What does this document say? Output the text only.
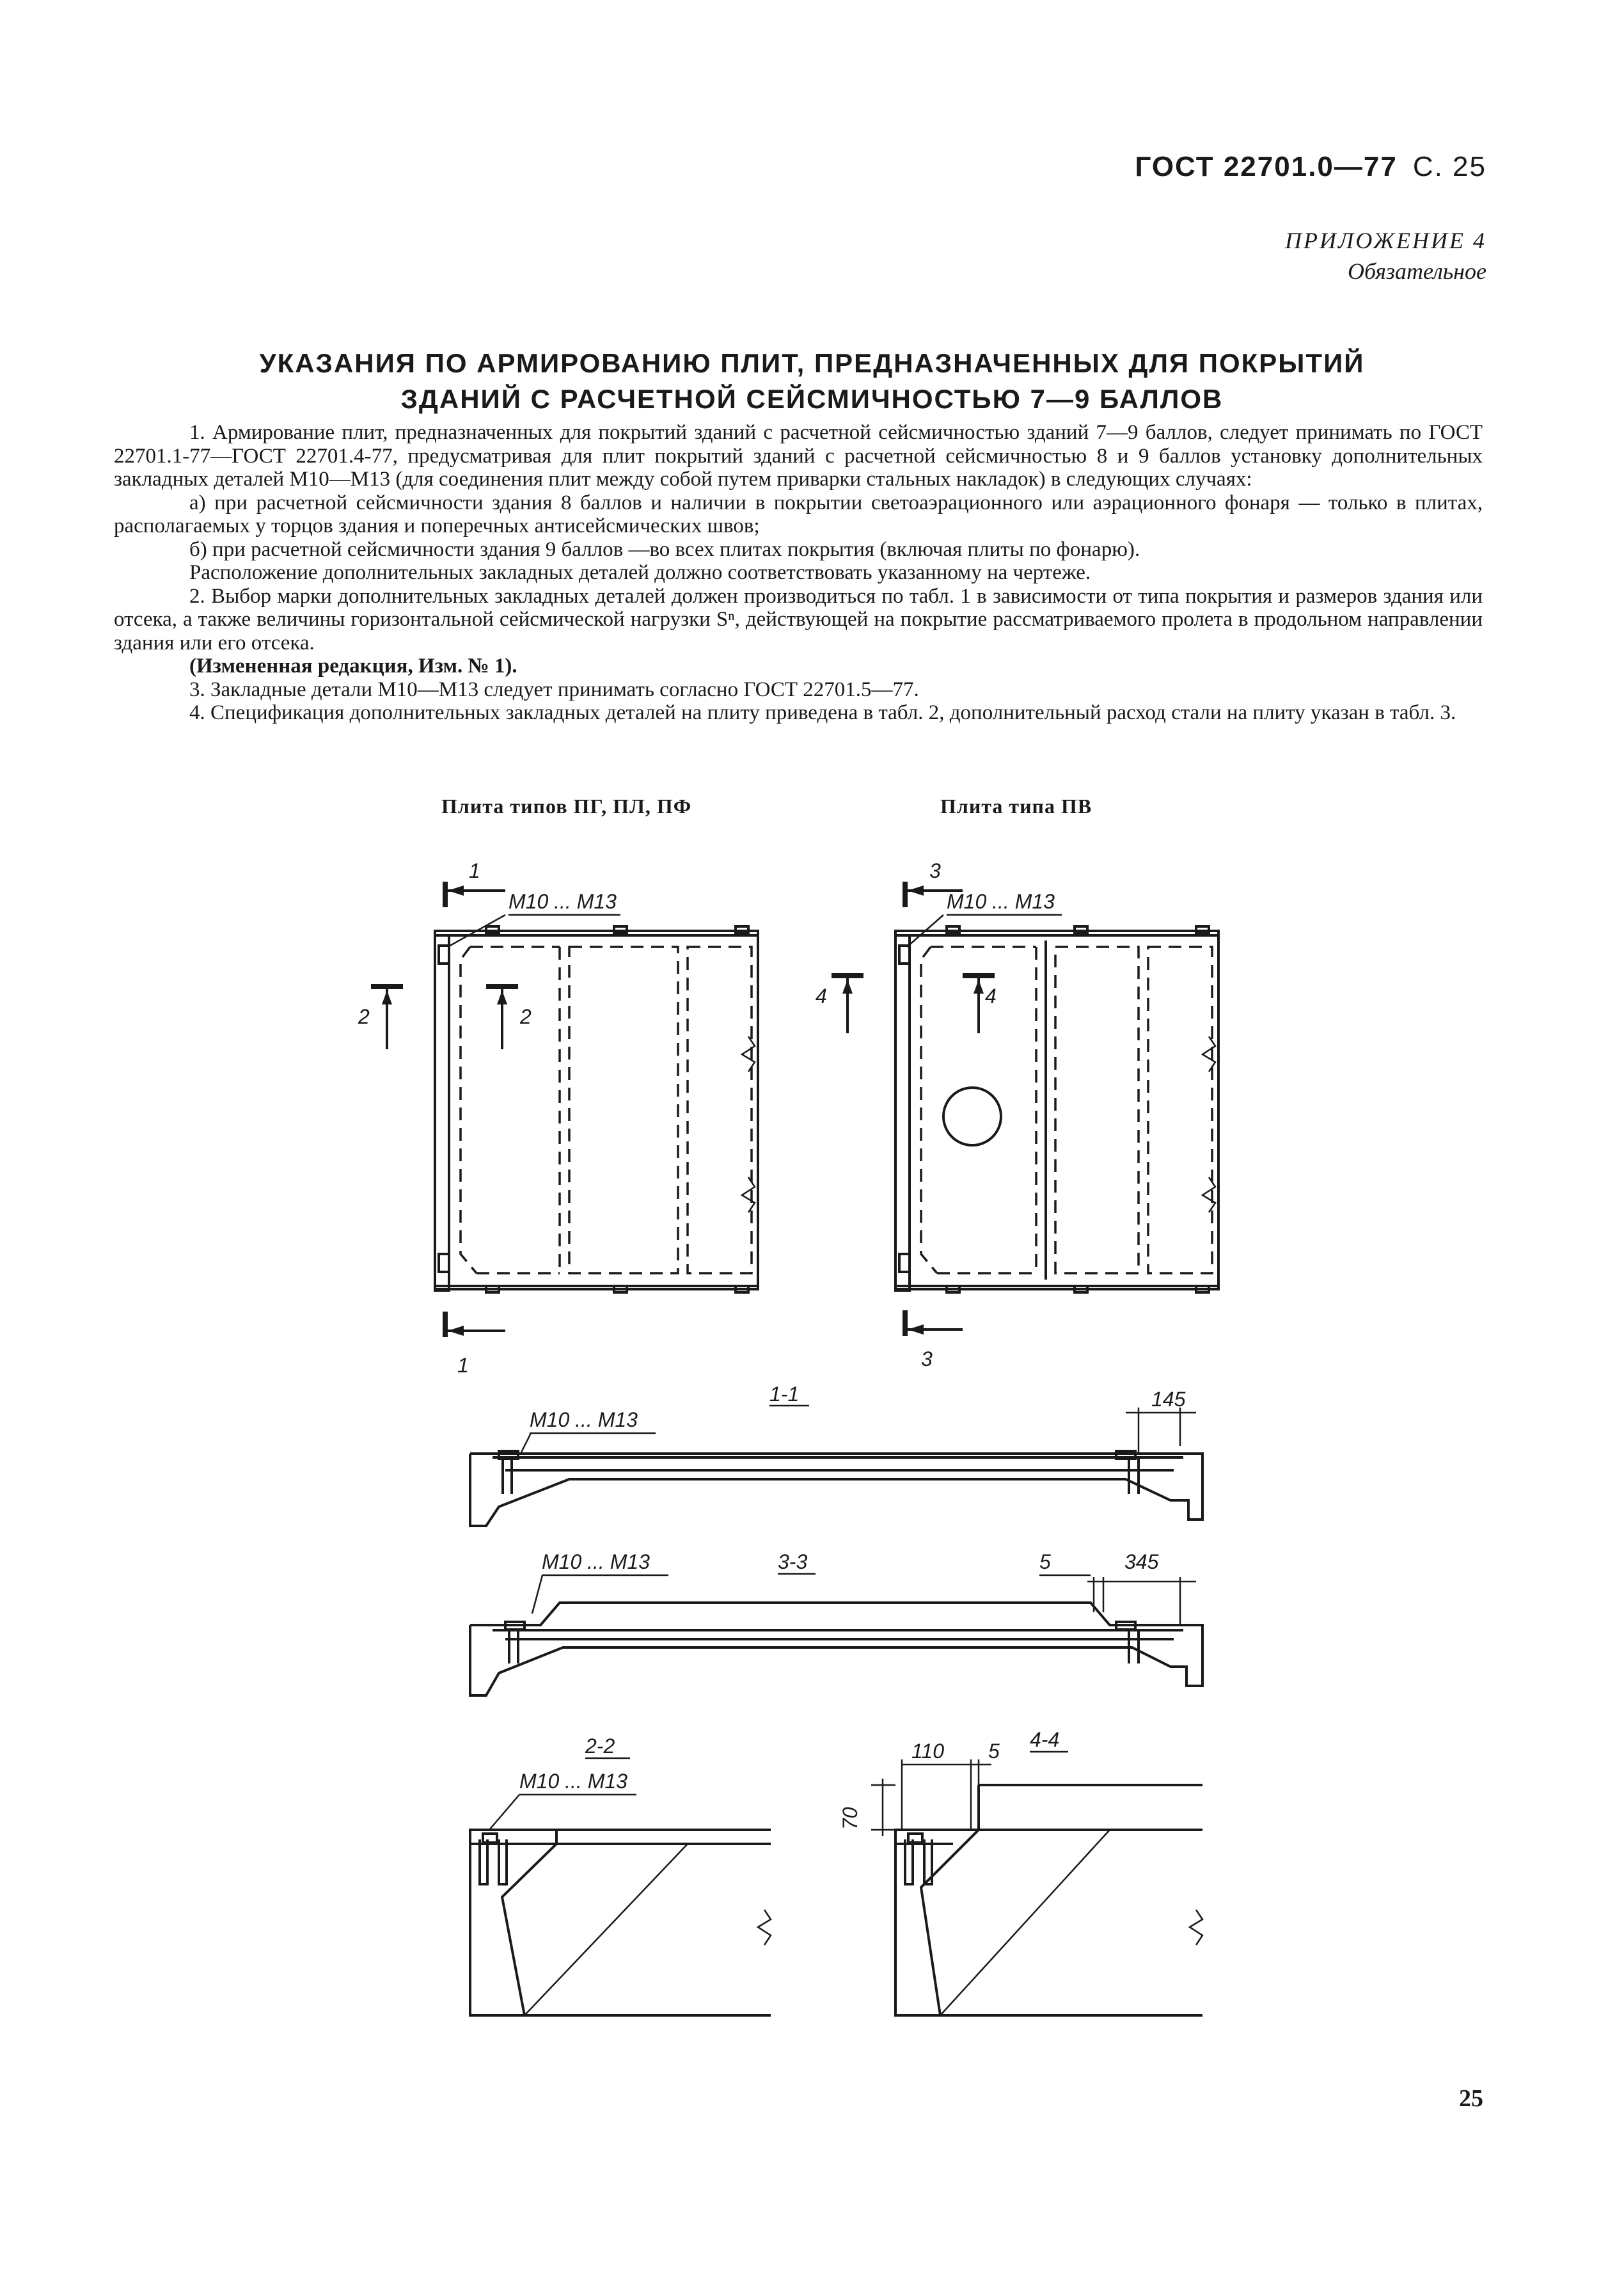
ГОСТ 22701.0—77 С. 25
ПРИЛОЖЕНИЕ 4
Обязательное
УКАЗАНИЯ ПО АРМИРОВАНИЮ ПЛИТ, ПРЕДНАЗНАЧЕННЫХ ДЛЯ ПОКРЫТИЙ
ЗДАНИЙ С РАСЧЕТНОЙ СЕЙСМИЧНОСТЬЮ 7—9 БАЛЛОВ

1. Армирование плит, предназначенных для покрытий зданий с расчетной сейсмичностью зданий 7—9 баллов, следует принимать по ГОСТ 22701.1-77—ГОСТ 22701.4-77, предусматривая для плит покрытий зданий с расчетной сейсмичностью 8 и 9 баллов установку дополнительных закладных деталей М10—М13 (для соединения плит между собой путем приварки стальных накладок) в следующих случаях:

а) при расчетной сейсмичности здания 8 баллов и наличии в покрытии светоаэрационного или аэрационного фонаря — только в плитах, располагаемых у торцов здания и поперечных антисейсмических швов;

б) при расчетной сейсмичности здания 9 баллов —во всех плитах покрытия (включая плиты по фонарю).

Расположение дополнительных закладных деталей должно соответствовать указанному на чертеже.

2. Выбор марки дополнительных закладных деталей должен производиться по табл. 1 в зависимости от типа покрытия и размеров здания или отсека, а также величины горизонтальной сейсмической нагрузки Sⁿ, действующей на покрытие рассматриваемого пролета в продольном направлении здания или его отсека.

(Измененная редакция, Изм. № 1).

3. Закладные детали М10—М13 следует принимать согласно ГОСТ 22701.5—77.

4. Спецификация дополнительных закладных деталей на плиту приведена в табл. 2, дополнительный расход стали на плиту указан в табл. 3.

Плита типов ПГ, ПЛ, ПФ	Плита типа ПВ
1
М10 ... М13
2	2
1
3
М10 ... М13
4	4
3
1-1
М10 ... М13
145
М10 ... М13	3-3	5	345
2-2
М10 ... М13
4-4
110 5
70
25
